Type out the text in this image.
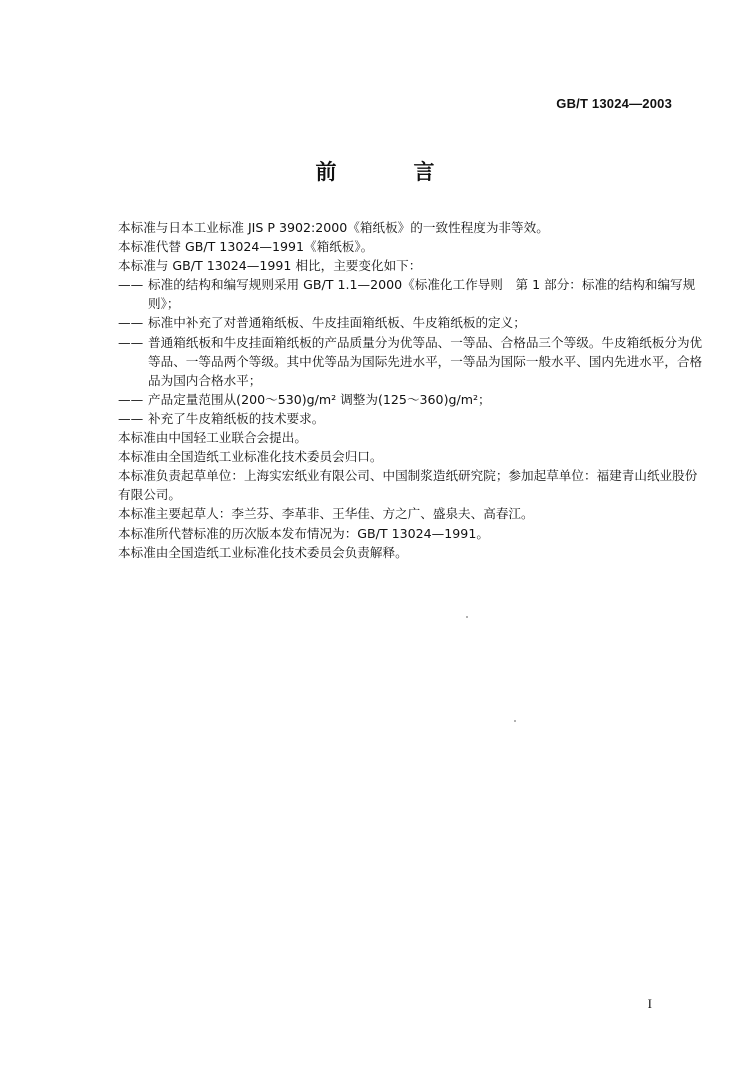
GB/T 13024—2003
前　言
本标准与日本工业标准 JIS P 3902:2000《箱纸板》的一致性程度为非等效。
本标准代替 GB/T 13024—1991《箱纸板》。
本标准与 GB/T 13024—1991 相比，主要变化如下：
—— 标准的结构和编写规则采用 GB/T 1.1—2000《标准化工作导则　第 1 部分：标准的结构和编写规则》；
—— 标准中补充了对普通箱纸板、牛皮挂面箱纸板、牛皮箱纸板的定义；
—— 普通箱纸板和牛皮挂面箱纸板的产品质量分为优等品、一等品、合格品三个等级。牛皮箱纸板分为优等品、一等品两个等级。其中优等品为国际先进水平，一等品为国际一般水平、国内先进水平，合格品为国内合格水平；
—— 产品定量范围从(200～530)g/m² 调整为(125～360)g/m²；
—— 补充了牛皮箱纸板的技术要求。
本标准由中国轻工业联合会提出。
本标准由全国造纸工业标准化技术委员会归口。
本标准负责起草单位：上海实宏纸业有限公司、中国制浆造纸研究院；参加起草单位：福建青山纸业股份有限公司。
本标准主要起草人：李兰芬、李革非、王华佳、方之广、盛泉夫、高春江。
本标准所代替标准的历次版本发布情况为：GB/T 13024—1991。
本标准由全国造纸工业标准化技术委员会负责解释。
I
